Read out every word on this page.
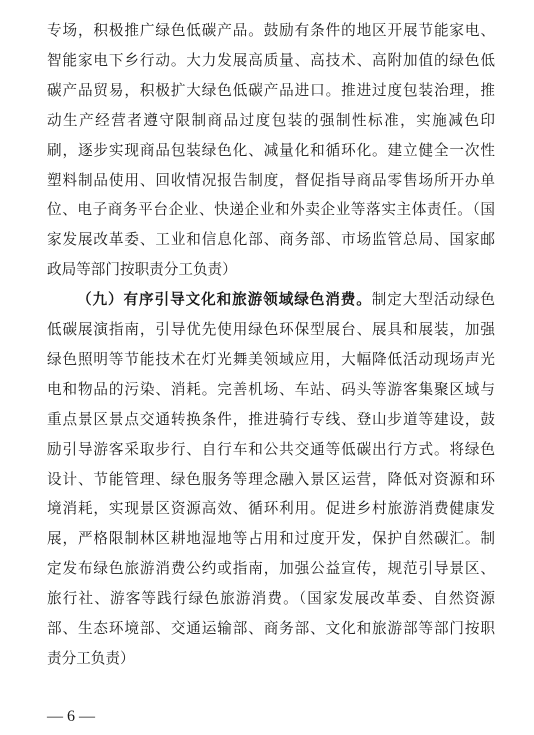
专场，积极推广绿色低碳产品。鼓励有条件的地区开展节能家电、
智能家电下乡行动。大力发展高质量、高技术、高附加值的绿色低
碳产品贸易，积极扩大绿色低碳产品进口。推进过度包装治理，推
动生产经营者遵守限制商品过度包装的强制性标准，实施减色印
刷，逐步实现商品包装绿色化、减量化和循环化。建立健全一次性
塑料制品使用、回收情况报告制度，督促指导商品零售场所开办单
位、电子商务平台企业、快递企业和外卖企业等落实主体责任。（国
家发展改革委、工业和信息化部、商务部、市场监管总局、国家邮
政局等部门按职责分工负责）
（九）有序引导文化和旅游领域绿色消费。制定大型活动绿色
低碳展演指南，引导优先使用绿色环保型展台、展具和展装，加强
绿色照明等节能技术在灯光舞美领域应用，大幅降低活动现场声光
电和物品的污染、消耗。完善机场、车站、码头等游客集聚区域与
重点景区景点交通转换条件，推进骑行专线、登山步道等建设，鼓
励引导游客采取步行、自行车和公共交通等低碳出行方式。将绿色
设计、节能管理、绿色服务等理念融入景区运营，降低对资源和环
境消耗，实现景区资源高效、循环利用。促进乡村旅游消费健康发
展，严格限制林区耕地湿地等占用和过度开发，保护自然碳汇。制
定发布绿色旅游消费公约或指南，加强公益宣传，规范引导景区、
旅行社、游客等践行绿色旅游消费。（国家发展改革委、自然资源
— 6 —
部、生态环境部、交通运输部、商务部、文化和旅游部等部门按职
责分工负责）
